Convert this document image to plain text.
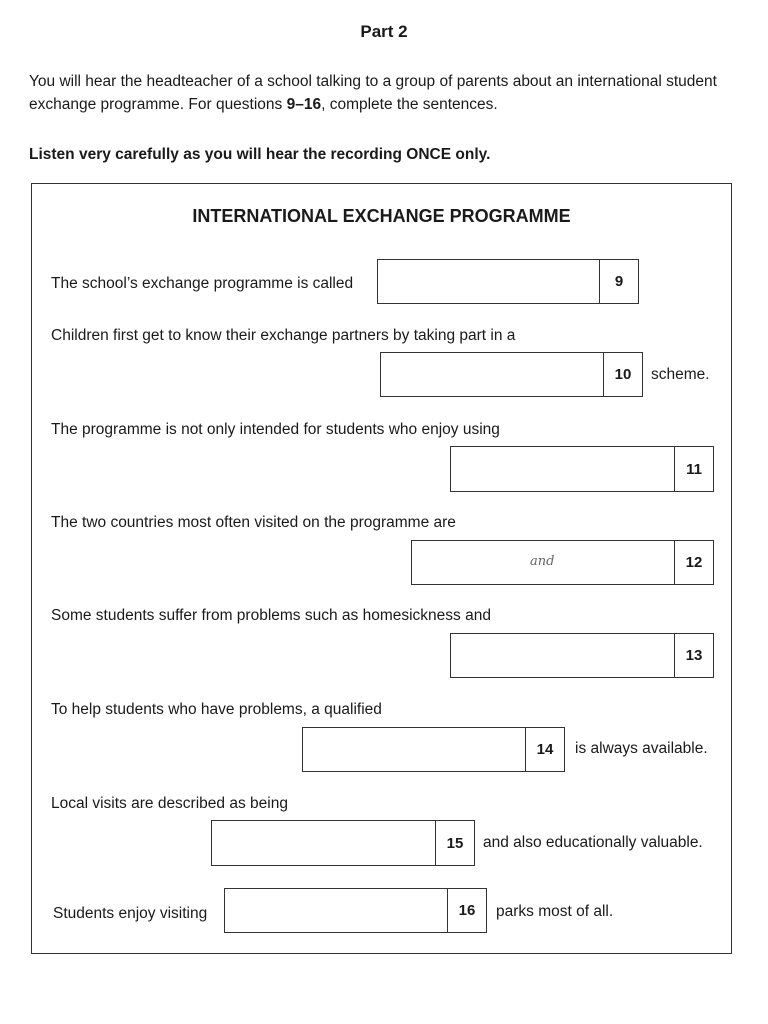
Part 2
You will hear the headteacher of a school talking to a group of parents about an international student exchange programme. For questions 9–16, complete the sentences.
Listen very carefully as you will hear the recording ONCE only.
INTERNATIONAL EXCHANGE PROGRAMME
The school’s exchange programme is called	9
Children first get to know their exchange partners by taking part in a
10	scheme.
The programme is not only intended for students who enjoy using
11
The two countries most often visited on the programme are
and	12
Some students suffer from problems such as homesickness and
13
To help students who have problems, a qualified
14	is always available.
Local visits are described as being
15	and also educationally valuable.
Students enjoy visiting	16	parks most of all.
